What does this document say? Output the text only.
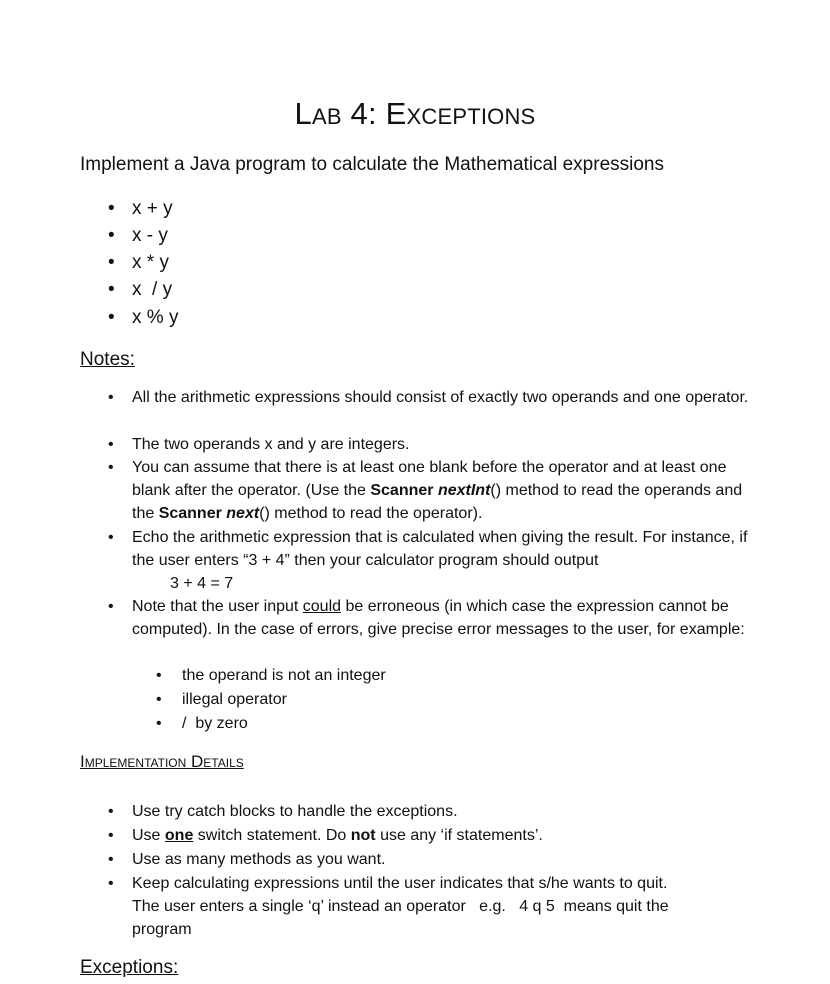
Lab 4: Exceptions
Implement a Java program to calculate the Mathematical expressions
• x + y
• x - y
• x * y
• x  / y
• x % y
Notes:
•	All the arithmetic expressions should consist of exactly two operands and one operator.
•	The two operands x and y are integers.
•	You can assume that there is at least one blank before the operator and at least one blank after the operator. (Use the Scanner nextInt() method to read the operands and the Scanner next() method to read the operator).
•	Echo the arithmetic expression that is calculated when giving the result. For instance, if the user enters “3 + 4” then your calculator program should output
3 + 4 = 7
•	Note that the user input could be erroneous (in which case the expression cannot be computed). In the case of errors, give precise error messages to the user, for example:
• the operand is not an integer
• illegal operator
• /  by zero
Implementation Details
•	Use try catch blocks to handle the exceptions.
•	Use one switch statement. Do not use any ‘if statements’.
•	Use as many methods as you want.
•	Keep calculating expressions until the user indicates that s/he wants to quit.
The user enters a single ‘q’ instead an operator   e.g.   4 q 5  means quit the program
Exceptions:
